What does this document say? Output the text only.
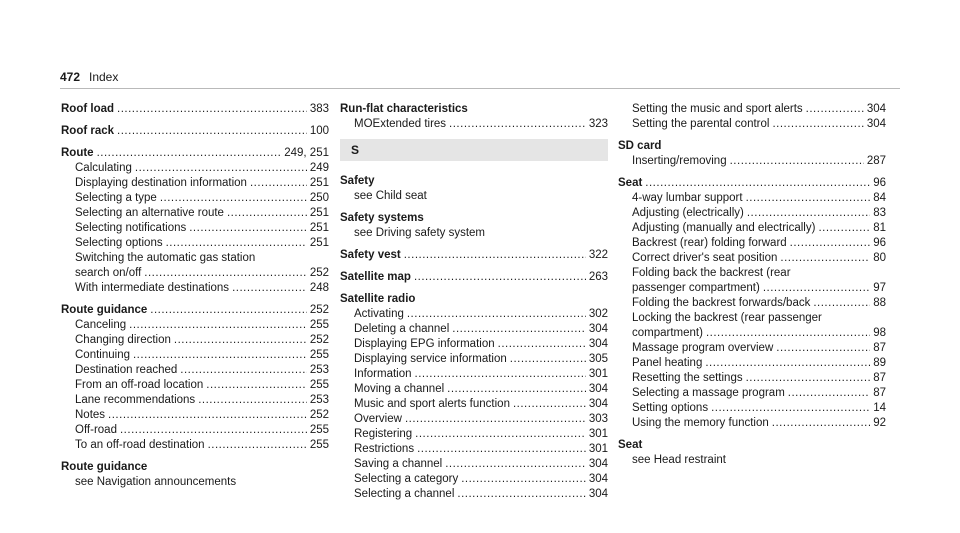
472 Index
Roof load .....	383
Roof rack .....	100
Route .....	249, 251
Calculating .....	249
Displaying destination information .....	251
Selecting a type .....	250
Selecting an alternative route .....	251
Selecting notifications .....	251
Selecting options .....	251
Switching the automatic gas station
search on/off .....	252
With intermediate destinations .....	248
Route guidance .....	252
Canceling .....	255
Changing direction .....	252
Continuing .....	255
Destination reached .....	253
From an off-road location .....	255
Lane recommendations .....	253
Notes .....	252
Off-road .....	255
To an off-road destination .....	255
Route guidance
see Navigation announcements
Run-flat characteristics
MOExtended tires .....	323
S
Safety
see Child seat
Safety systems
see Driving safety system
Safety vest .....	322
Satellite map .....	263
Satellite radio
Activating .....	302
Deleting a channel .....	304
Displaying EPG information .....	304
Displaying service information .....	305
Information .....	301
Moving a channel .....	304
Music and sport alerts function .....	304
Overview .....	303
Registering .....	301
Restrictions .....	301
Saving a channel .....	304
Selecting a category .....	304
Selecting a channel .....	304
Setting the music and sport alerts .....	304
Setting the parental control .....	304
SD card
Inserting/removing .....	287
Seat .....	96
4-way lumbar support .....	84
Adjusting (electrically) .....	83
Adjusting (manually and electrically) .....	81
Backrest (rear) folding forward .....	96
Correct driver's seat position .....	80
Folding back the backrest (rear
passenger compartment) .....	97
Folding the backrest forwards/back .....	88
Locking the backrest (rear passenger
compartment) .....	98
Massage program overview .....	87
Panel heating .....	89
Resetting the settings .....	87
Selecting a massage program .....	87
Setting options .....	14
Using the memory function .....	92
Seat
see Head restraint
